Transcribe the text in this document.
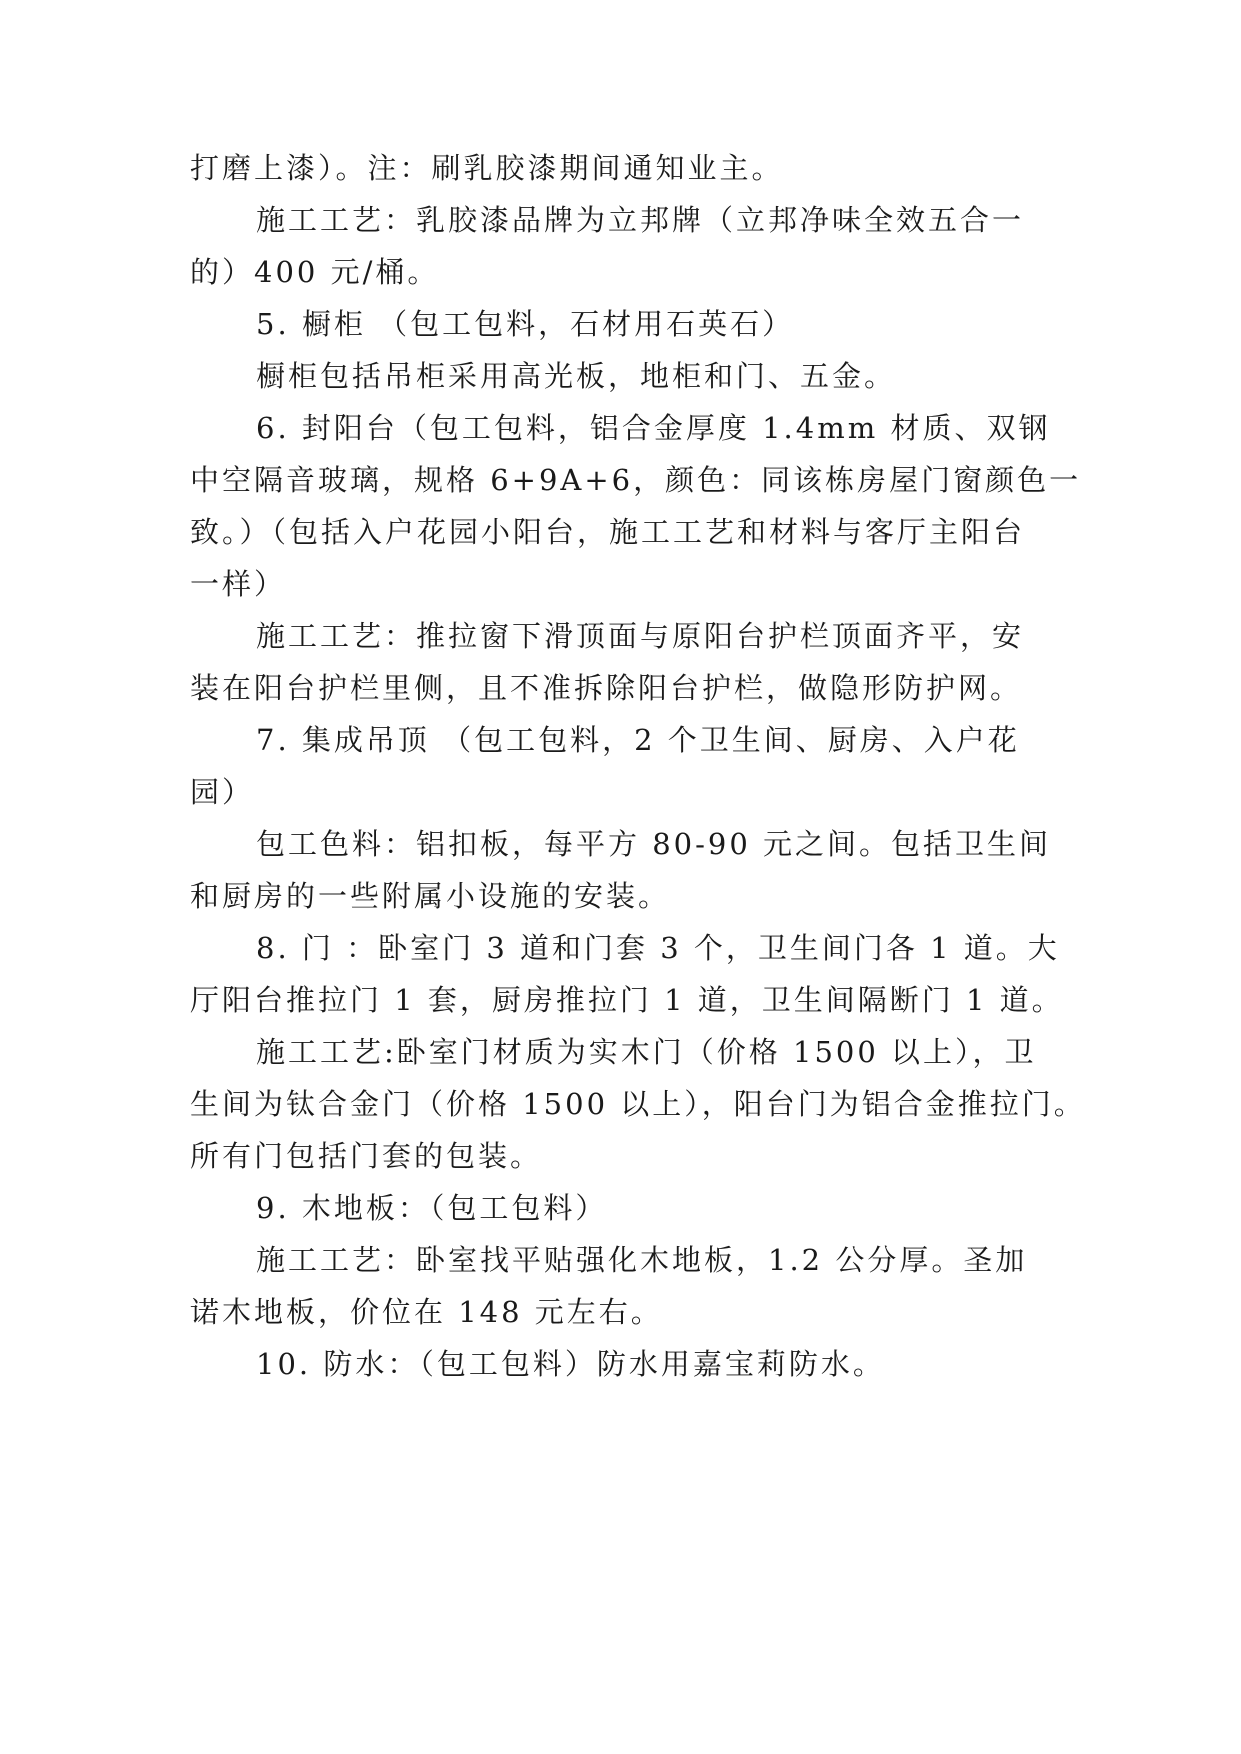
打磨上漆）。注：刷乳胶漆期间通知业主。
施工工艺：乳胶漆品牌为立邦牌（立邦净味全效五合一
的）400 元/桶。
5. 橱柜 （包工包料，石材用石英石）
橱柜包括吊柜采用高光板，地柜和门、五金。
6. 封阳台（包工包料，铝合金厚度 1.4mm 材质、双钢
中空隔音玻璃，规格 6+9A+6，颜色：同该栋房屋门窗颜色一
致。）（包括入户花园小阳台，施工工艺和材料与客厅主阳台
一样）
施工工艺：推拉窗下滑顶面与原阳台护栏顶面齐平，安
装在阳台护栏里侧，且不准拆除阳台护栏，做隐形防护网。
7. 集成吊顶 （包工包料，2 个卫生间、厨房、入户花
园）
包工色料：铝扣板，每平方 80-90 元之间。包括卫生间
和厨房的一些附属小设施的安装。
8. 门 ：卧室门 3 道和门套 3 个，卫生间门各 1 道。大
厅阳台推拉门 1 套，厨房推拉门 1 道，卫生间隔断门 1 道。
施工工艺:卧室门材质为实木门（价格 1500 以上），卫
生间为钛合金门（价格 1500 以上），阳台门为铝合金推拉门。
所有门包括门套的包装。
9. 木地板：（包工包料）
施工工艺：卧室找平贴强化木地板，1.2 公分厚。圣加
诺木地板，价位在 148 元左右。
10. 防水：（包工包料）防水用嘉宝莉防水。
